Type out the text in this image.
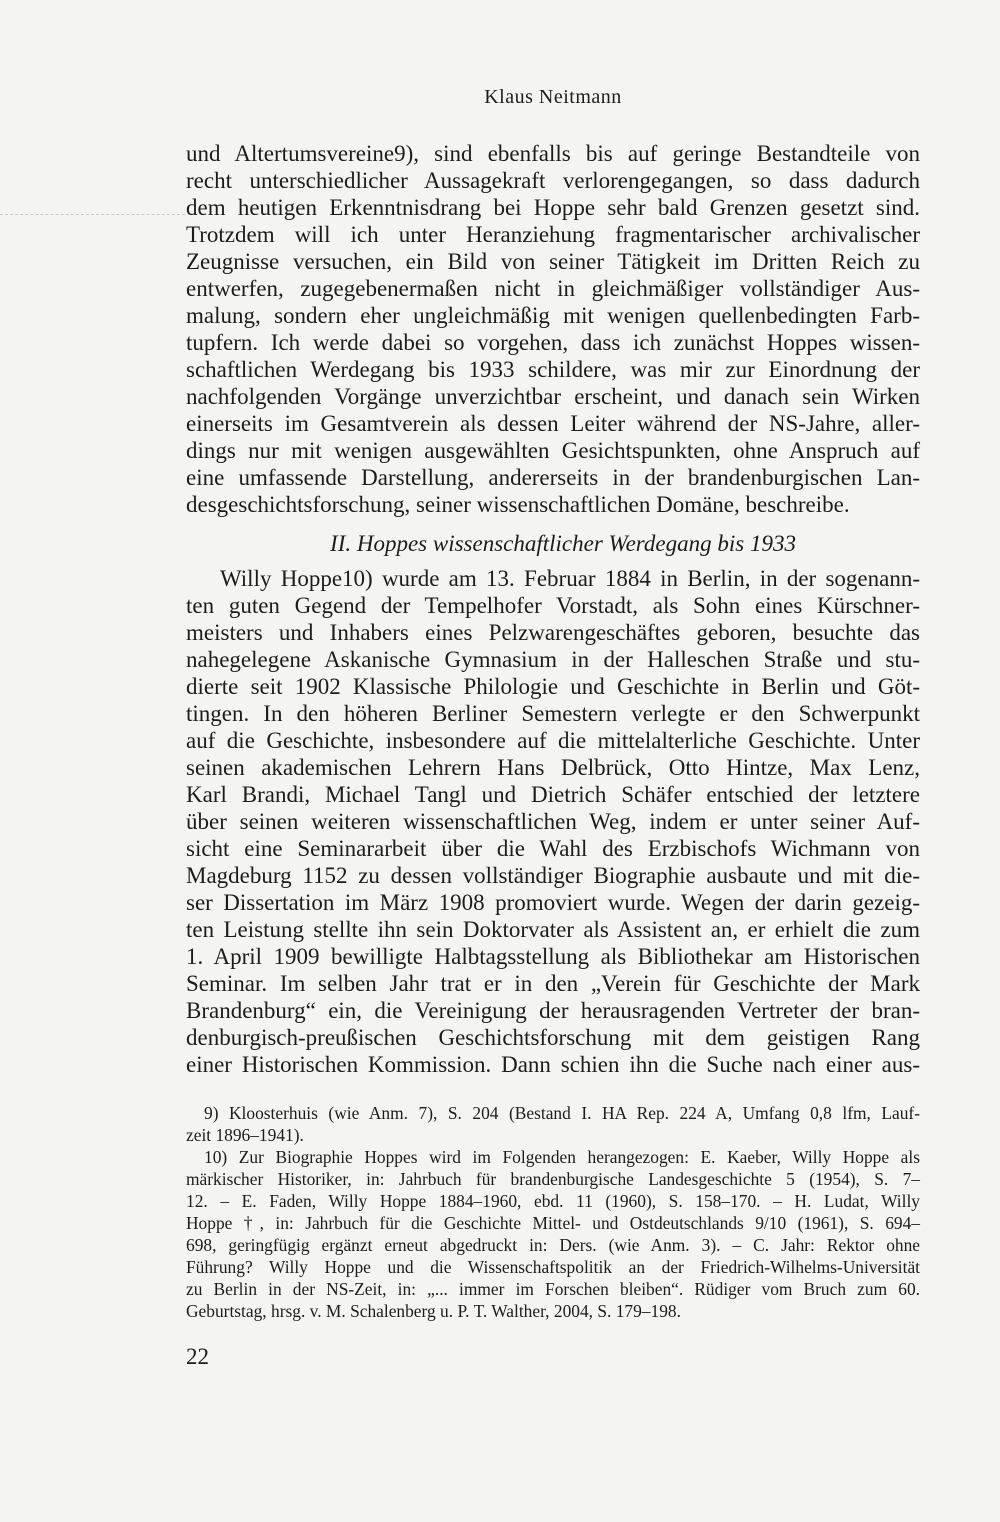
Klaus Neitmann
und Altertumsvereine9), sind ebenfalls bis auf geringe Bestandteile von
recht unterschiedlicher Aussagekraft verlorengegangen, so dass dadurch
dem heutigen Erkenntnisdrang bei Hoppe sehr bald Grenzen gesetzt sind.
Trotzdem will ich unter Heranziehung fragmentarischer archivalischer
Zeugnisse versuchen, ein Bild von seiner Tätigkeit im Dritten Reich zu
entwerfen, zugegebenermaßen nicht in gleichmäßiger vollständiger Aus-
malung, sondern eher ungleichmäßig mit wenigen quellenbedingten Farb-
tupfern. Ich werde dabei so vorgehen, dass ich zunächst Hoppes wissen-
schaftlichen Werdegang bis 1933 schildere, was mir zur Einordnung der
nachfolgenden Vorgänge unverzichtbar erscheint, und danach sein Wirken
einerseits im Gesamtverein als dessen Leiter während der NS-Jahre, aller-
dings nur mit wenigen ausgewählten Gesichtspunkten, ohne Anspruch auf
eine umfassende Darstellung, andererseits in der brandenburgischen Lan-
desgeschichtsforschung, seiner wissenschaftlichen Domäne, beschreibe.
II. Hoppes wissenschaftlicher Werdegang bis 1933
Willy Hoppe10) wurde am 13. Februar 1884 in Berlin, in der sogenann-
ten guten Gegend der Tempelhofer Vorstadt, als Sohn eines Kürschner-
meisters und Inhabers eines Pelzwarengeschäftes geboren, besuchte das
nahegelegene Askanische Gymnasium in der Halleschen Straße und stu-
dierte seit 1902 Klassische Philologie und Geschichte in Berlin und Göt-
tingen. In den höheren Berliner Semestern verlegte er den Schwerpunkt
auf die Geschichte, insbesondere auf die mittelalterliche Geschichte. Unter
seinen akademischen Lehrern Hans Delbrück, Otto Hintze, Max Lenz,
Karl Brandi, Michael Tangl und Dietrich Schäfer entschied der letztere
über seinen weiteren wissenschaftlichen Weg, indem er unter seiner Auf-
sicht eine Seminararbeit über die Wahl des Erzbischofs Wichmann von
Magdeburg 1152 zu dessen vollständiger Biographie ausbaute und mit die-
ser Dissertation im März 1908 promoviert wurde. Wegen der darin gezeig-
ten Leistung stellte ihn sein Doktorvater als Assistent an, er erhielt die zum
1. April 1909 bewilligte Halbtagsstellung als Bibliothekar am Historischen
Seminar. Im selben Jahr trat er in den „Verein für Geschichte der Mark
Brandenburg“ ein, die Vereinigung der herausragenden Vertreter der bran-
denburgisch-preußischen Geschichtsforschung mit dem geistigen Rang
einer Historischen Kommission. Dann schien ihn die Suche nach einer aus-
9) Kloosterhuis (wie Anm. 7), S. 204 (Bestand I. HA Rep. 224 A, Umfang 0,8 lfm, Lauf-
zeit 1896–1941).
10) Zur Biographie Hoppes wird im Folgenden herangezogen: E. Kaeber, Willy Hoppe als
märkischer Historiker, in: Jahrbuch für brandenburgische Landesgeschichte 5 (1954), S. 7–
12. – E. Faden, Willy Hoppe 1884–1960, ebd. 11 (1960), S. 158–170. – H. Ludat, Willy
Hoppe †, in: Jahrbuch für die Geschichte Mittel- und Ostdeutschlands 9/10 (1961), S. 694–
698, geringfügig ergänzt erneut abgedruckt in: Ders. (wie Anm. 3). – C. Jahr: Rektor ohne
Führung? Willy Hoppe und die Wissenschaftspolitik an der Friedrich-Wilhelms-Universität
zu Berlin in der NS-Zeit, in: „... immer im Forschen bleiben“. Rüdiger vom Bruch zum 60.
Geburtstag, hrsg. v. M. Schalenberg u. P. T. Walther, 2004, S. 179–198.
22
